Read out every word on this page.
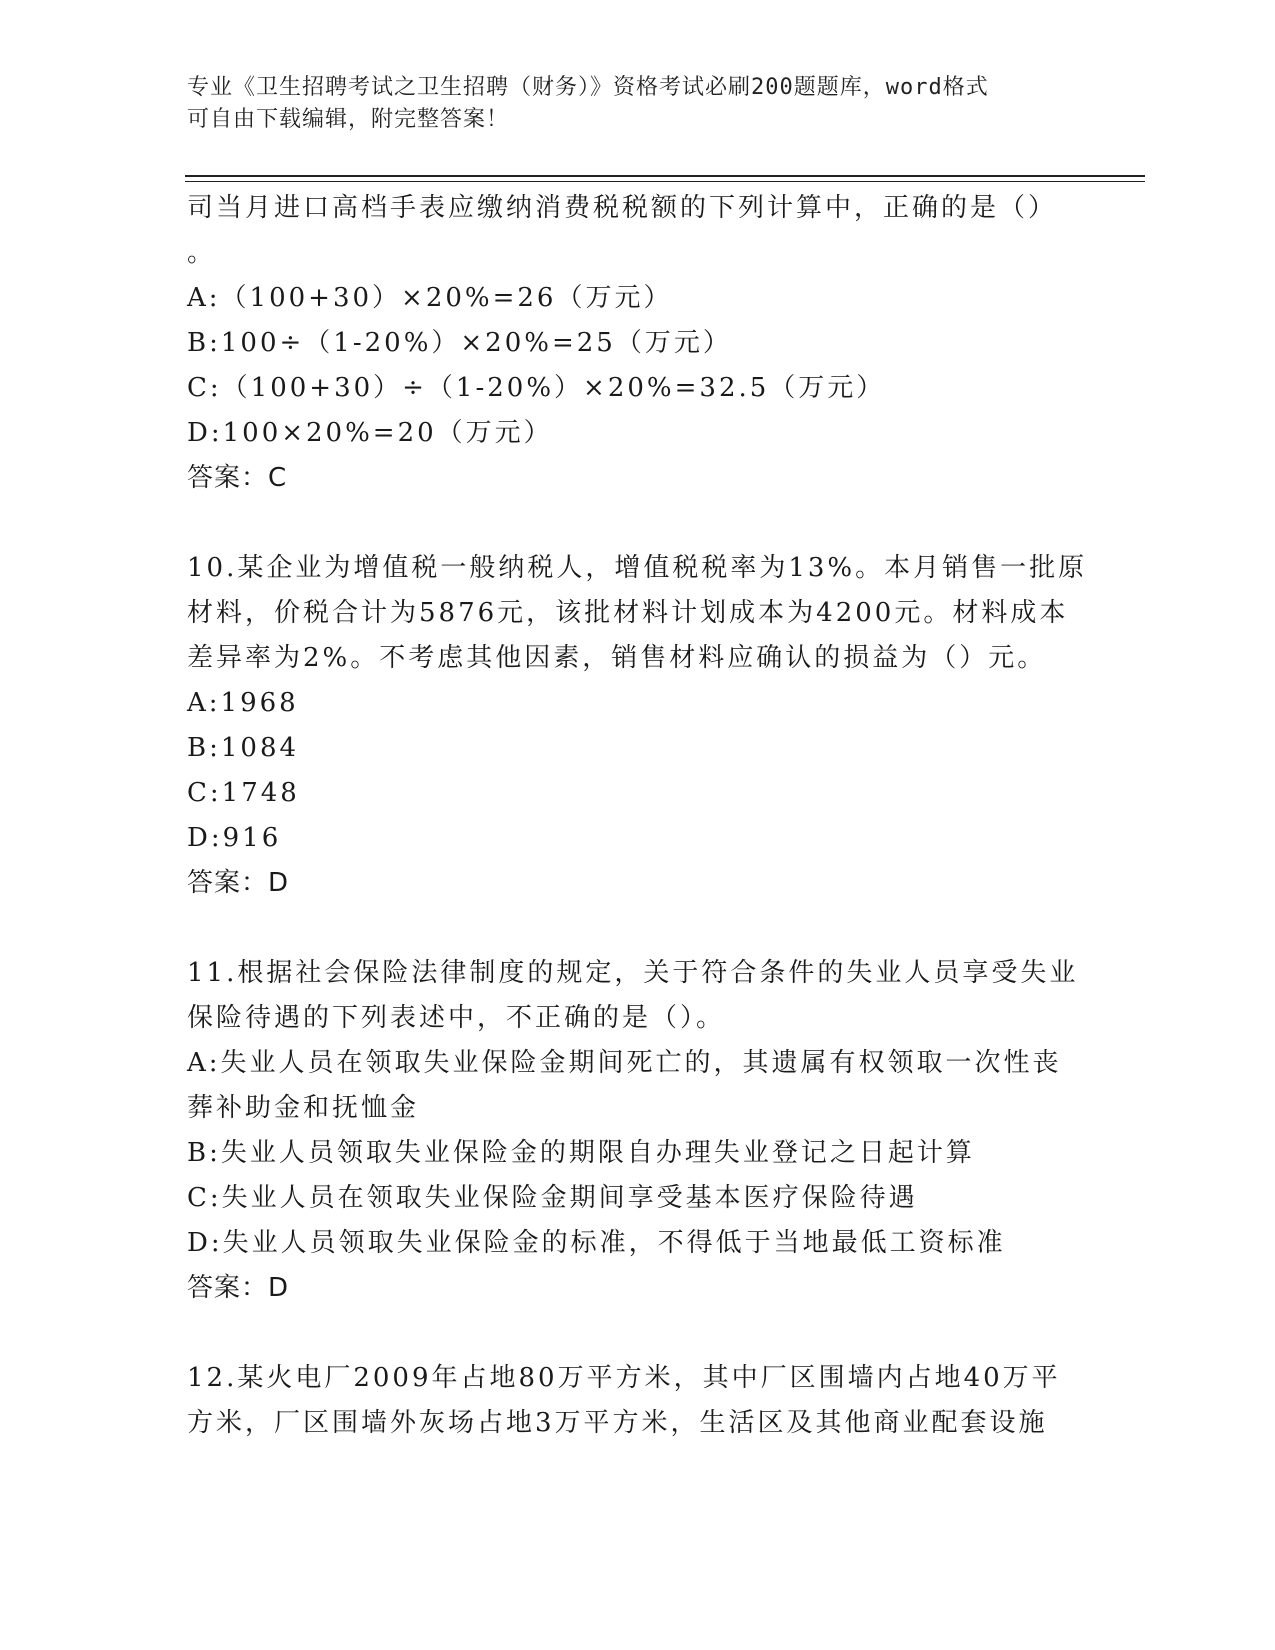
专业《卫生招聘考试之卫生招聘（财务）》资格考试必刷200题题库，word格式
可自由下载编辑，附完整答案！
司当月进口高档手表应缴纳消费税税额的下列计算中，正确的是（）
。
A:（100+30）×20%=26（万元）
B:100÷（1-20%）×20%=25（万元）
C:（100+30）÷（1-20%）×20%=32.5（万元）
D:100×20%=20（万元）
答案：C
10.某企业为增值税一般纳税人，增值税税率为13%。本月销售一批原
材料，价税合计为5876元，该批材料计划成本为4200元。材料成本
差异率为2%。不考虑其他因素，销售材料应确认的损益为（）元。
A:1968
B:1084
C:1748
D:916
答案：D
11.根据社会保险法律制度的规定，关于符合条件的失业人员享受失业
保险待遇的下列表述中，不正确的是（）。
A:失业人员在领取失业保险金期间死亡的，其遗属有权领取一次性丧
葬补助金和抚恤金
B:失业人员领取失业保险金的期限自办理失业登记之日起计算
C:失业人员在领取失业保险金期间享受基本医疗保险待遇
D:失业人员领取失业保险金的标准，不得低于当地最低工资标准
答案：D
12.某火电厂2009年占地80万平方米，其中厂区围墙内占地40万平
方米，厂区围墙外灰场占地3万平方米，生活区及其他商业配套设施
